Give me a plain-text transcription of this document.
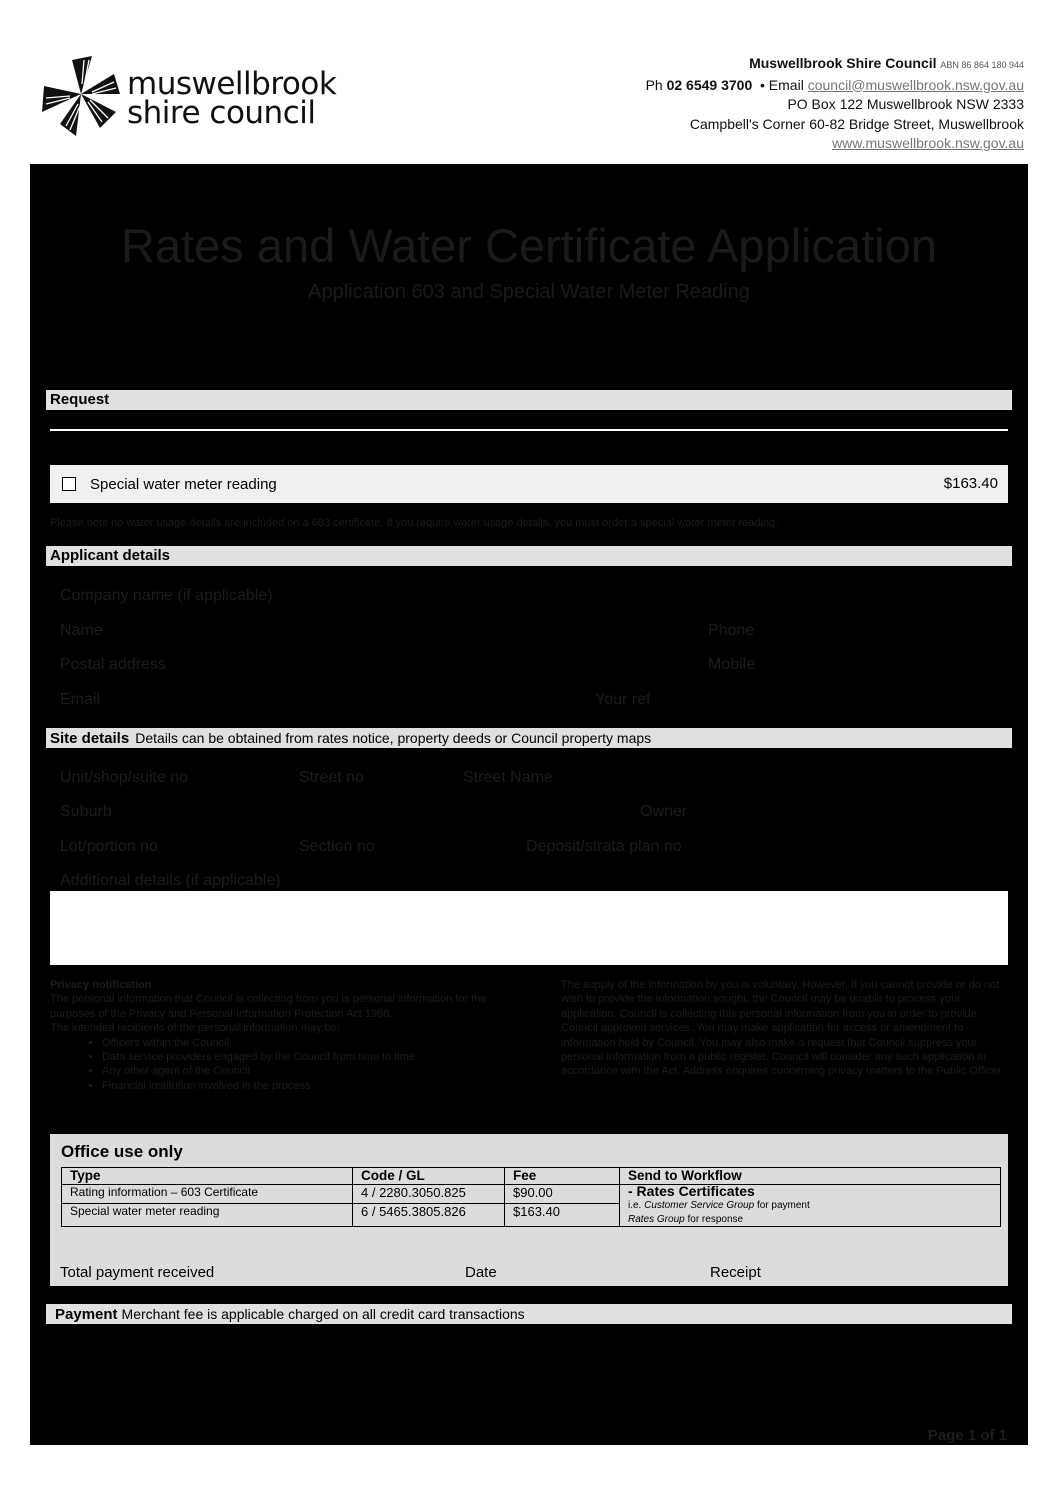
muswellbrook
shire council
Muswellbrook Shire Council ABN 86 864 180 944
Ph 02 6549 3700 • Email council@muswellbrook.nsw.gov.au
PO Box 122 Muswellbrook NSW 2333
Campbell's Corner 60-82 Bridge Street, Muswellbrook
www.muswellbrook.nsw.gov.au
Rates and Water Certificate Application
Application 603 and Special Water Meter Reading
Request
Special water meter reading	$163.40
Please note no water usage details are included on a 603 certificate. If you require water usage details, you must order a special water meter reading.
Applicant details
Company name (if applicable)
Name	Phone
Postal address	Mobile
Email	Your ref
Site details Details can be obtained from rates notice, property deeds or Council property maps
Unit/shop/suite no	Street no	Street Name
Suburb	Owner
Lot/portion no	Section no	Deposit/strata plan no
Additional details (if applicable)
Privacy notification
The personal information that Council is collecting from you is personal information for the purposes of the Privacy and Personal Information Protection Act 1998.
The intended recipients of the personal information may be:
• Officers within the Council
• Data service providers engaged by the Council from time to time
• Any other agent of the Council
• Financial institution involved in the process
The supply of the information by you is voluntary. However, if you cannot provide or do not wish to provide the information sought, the Council may be unable to process your application. Council is collecting this personal information from you in order to provide Council approved services. You may make application for access or amendment to information held by Council. You may also make a request that Council suppress your personal information from a public register. Council will consider any such application in accordance with the Act. Address enquires concerning privacy matters to the Public Officer.
Office use only
Type	Code / GL	Fee	Send to Workflow
Rating information – 603 Certificate	4 / 2280.3050.825	$90.00	- Rates Certificates
i.e. Customer Service Group for payment
Rates Group for response
Special water meter reading	6 / 5465.3805.826	$163.40	
Total payment received	Date	Receipt
Payment Merchant fee is applicable charged on all credit card transactions
Page 1 of 1
